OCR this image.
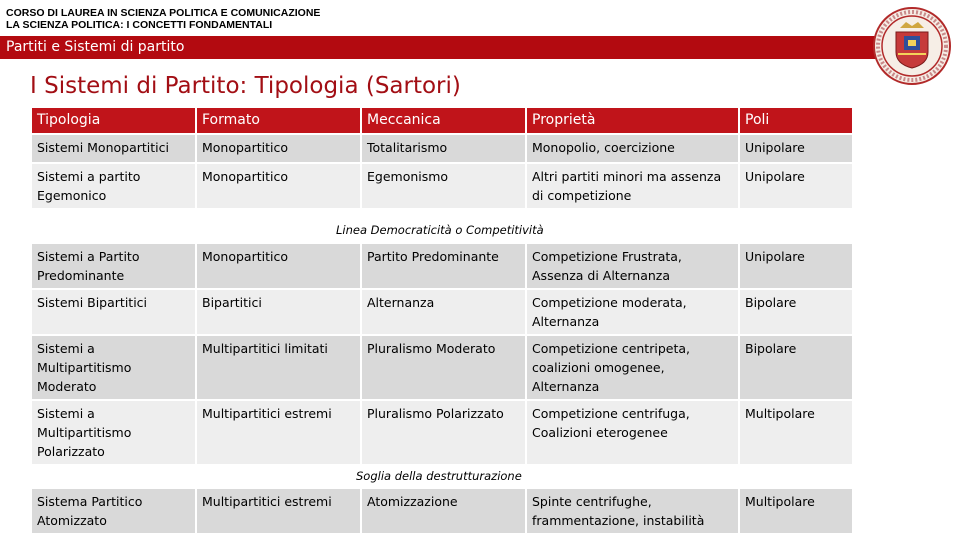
CORSO DI LAUREA IN SCIENZA POLITICA E COMUNICAZIONE
LA SCIENZA POLITICA: I CONCETTI FONDAMENTALI
Partiti e Sistemi di partito
I Sistemi di Partito: Tipologia (Sartori)
Tipologia	Formato	Meccanica	Proprietà	Poli
Sistemi Monopartitici	Monopartitico	Totalitarismo	Monopolio, coercizione	Unipolare
Sistemi a partito Egemonico	Monopartitico	Egemonismo	Altri partiti minori ma assenza di competizione	Unipolare
Linea Democraticità o Competitività
Sistemi a Partito Predominante	Monopartitico	Partito Predominante	Competizione Frustrata, Assenza di Alternanza	Unipolare
Sistemi Bipartitici	Bipartitici	Alternanza	Competizione moderata, Alternanza	Bipolare
Sistemi a Multipartitismo Moderato	Multipartitici limitati	Pluralismo Moderato	Competizione centripeta, coalizioni omogenee, Alternanza	Bipolare
Sistemi a Multipartitismo Polarizzato	Multipartitici estremi	Pluralismo Polarizzato	Competizione centrifuga, Coalizioni eterogenee	Multipolare
Soglia della destrutturazione
Sistema Partitico Atomizzato	Multipartitici estremi	Atomizzazione	Spinte centrifughe, frammentazione, instabilità	Multipolare
